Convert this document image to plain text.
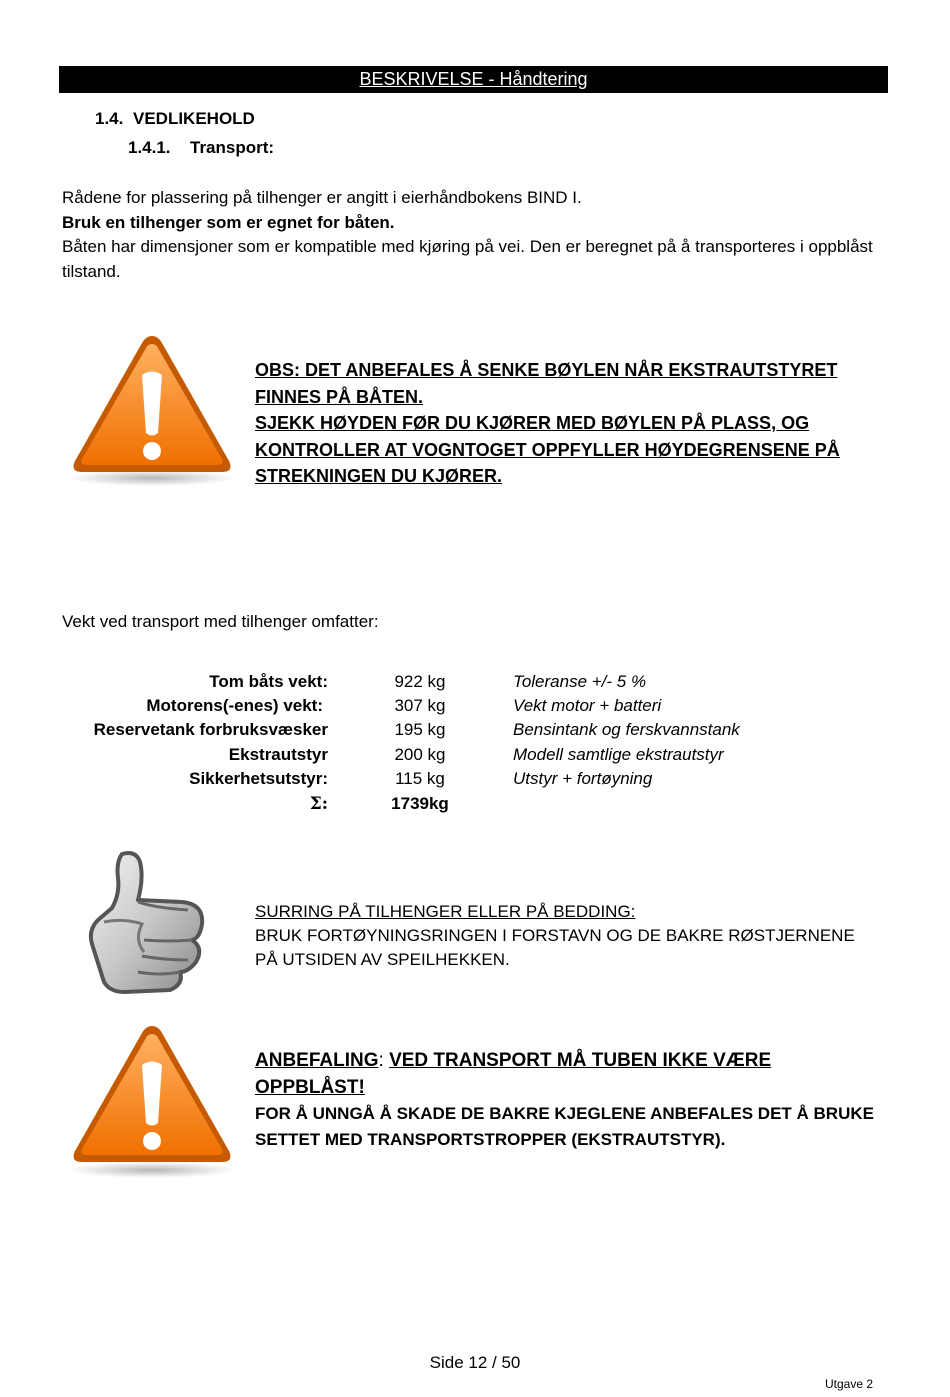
BESKRIVELSE - Håndtering
1.4. VEDLIKEHOLD
1.4.1. Transport:

Rådene for plassering på tilhenger er angitt i eierhåndbokens BIND I.

Bruk en tilhenger som er egnet for båten.

Båten har dimensjoner som er kompatible med kjøring på vei. Den er beregnet på å transporteres i oppblåst tilstand.

OBS: DET ANBEFALES Å SENKE BØYLEN NÅR EKSTRAUTSTYRET FINNES PÅ BÅTEN.

SJEKK HØYDEN FØR DU KJØRER MED BØYLEN PÅ PLASS, OG KONTROLLER AT VOGNTOGET OPPFYLLER HØYDEGRENSENE PÅ STREKNINGEN DU KJØRER.

Vekt ved transport med tilhenger omfatter:
Tom båts vekt:	922 kg	Toleranse +/- 5 %
Motorens(-enes) vekt:	307 kg	Vekt motor + batteri
Reservetank forbruksvæsker	195 kg	Bensintank og ferskvannstank
Ekstrautstyr	200 kg	Modell samtlige ekstrautstyr
Sikkerhetsutstyr:	115 kg	Utstyr + fortøyning
Σ:	1739kg

SURRING PÅ TILHENGER ELLER PÅ BEDDING:

BRUK FORTØYNINGSRINGEN I FORSTAVN OG DE BAKRE RØSTJERNENE PÅ UTSIDEN AV SPEILHEKKEN.

ANBEFALING: VED TRANSPORT MÅ TUBEN IKKE VÆRE OPPBLÅST!

FOR Å UNNGÅ Å SKADE DE BAKRE KJEGLENE ANBEFALES DET Å BRUKE SETTET MED TRANSPORTSTROPPER (EKSTRAUTSTYR).

Side 12 / 50
Utgave 2
